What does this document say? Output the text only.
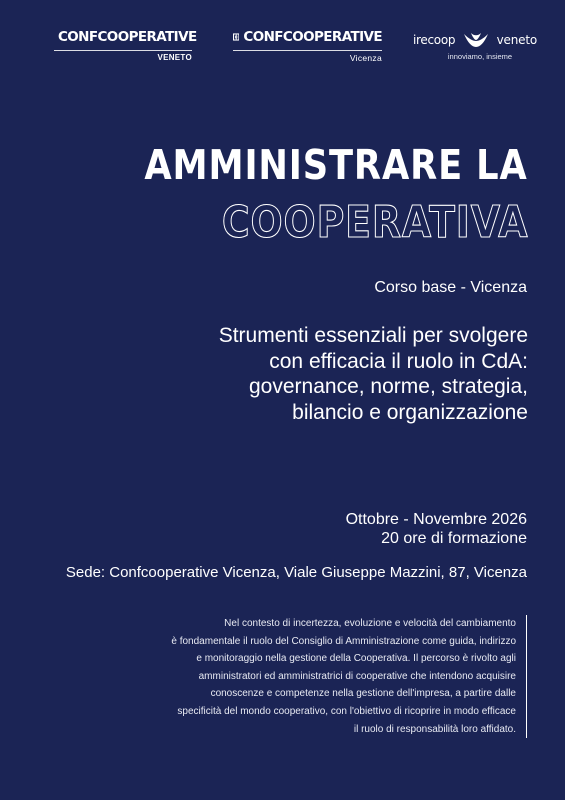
CONFCOOPERATIVE
VENETO
CONFCOOPERATIVE
Vicenza
irecoop	veneto
innoviamo, insieme
AMMINISTRARE LA
COOPERATIVA
Corso base - Vicenza
Strumenti essenziali per svolgere
con efficacia il ruolo in CdA:
governance, norme, strategia,
bilancio e organizzazione
Ottobre - Novembre 2026
20 ore di formazione
Sede: Confcooperative Vicenza, Viale Giuseppe Mazzini, 87, Vicenza
Nel contesto di incertezza, evoluzione e velocità del cambiamento
è fondamentale il ruolo del Consiglio di Amministrazione come guida, indirizzo
e monitoraggio nella gestione della Cooperativa. Il percorso è rivolto agli
amministratori ed amministratrici di cooperative che intendono acquisire
conoscenze e competenze nella gestione dell'impresa, a partire dalle
specificità del mondo cooperativo, con l'obiettivo di ricoprire in modo efficace
il ruolo di responsabilità loro affidato.
